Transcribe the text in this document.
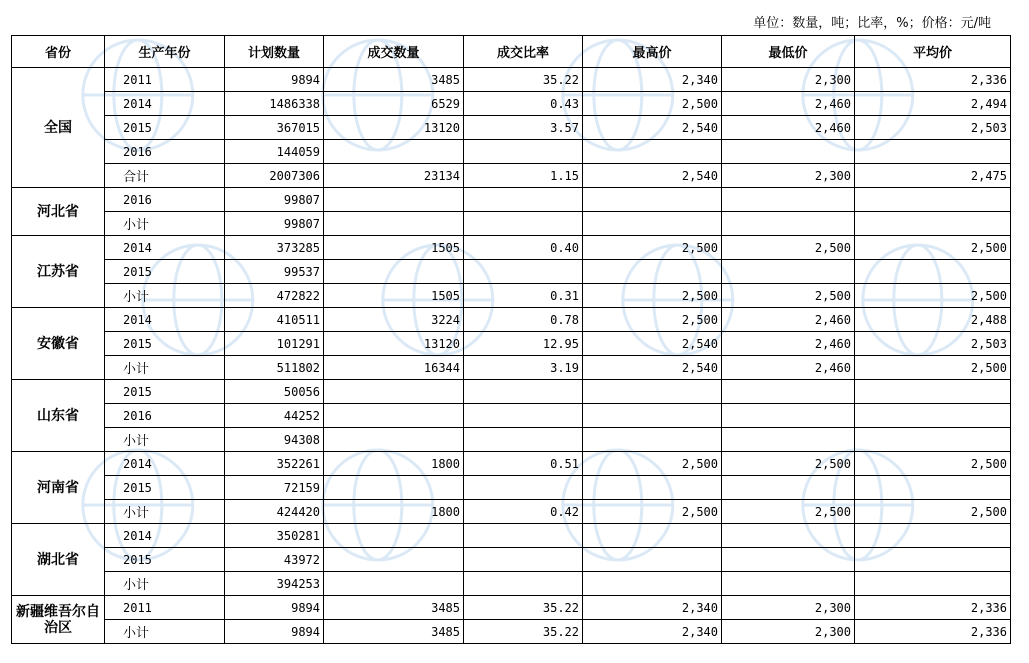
单位：数量，吨；比率，%；价格：元/吨
省份	生产年份	计划数量	成交数量	成交比率	最高价	最低价	平均价
全国	2011	9894	3485	35.22	2,340	2,300	2,336
	2014	1486338	6529	0.43	2,500	2,460	2,494
	2015	367015	13120	3.57	2,540	2,460	2,503
	2016	144059					
	合计	2007306	23134	1.15	2,540	2,300	2,475
河北省	2016	99807					
	小计	99807					
江苏省	2014	373285	1505	0.40	2,500	2,500	2,500
	2015	99537					
	小计	472822	1505	0.31	2,500	2,500	2,500
安徽省	2014	410511	3224	0.78	2,500	2,460	2,488
	2015	101291	13120	12.95	2,540	2,460	2,503
	小计	511802	16344	3.19	2,540	2,460	2,500
山东省	2015	50056					
	2016	44252					
	小计	94308					
河南省	2014	352261	1800	0.51	2,500	2,500	2,500
	2015	72159					
	小计	424420	1800	0.42	2,500	2,500	2,500
湖北省	2014	350281					
	2015	43972					
	小计	394253					
新疆维吾尔自治区	2011	9894	3485	35.22	2,340	2,300	2,336
	小计	9894	3485	35.22	2,340	2,300	2,336
